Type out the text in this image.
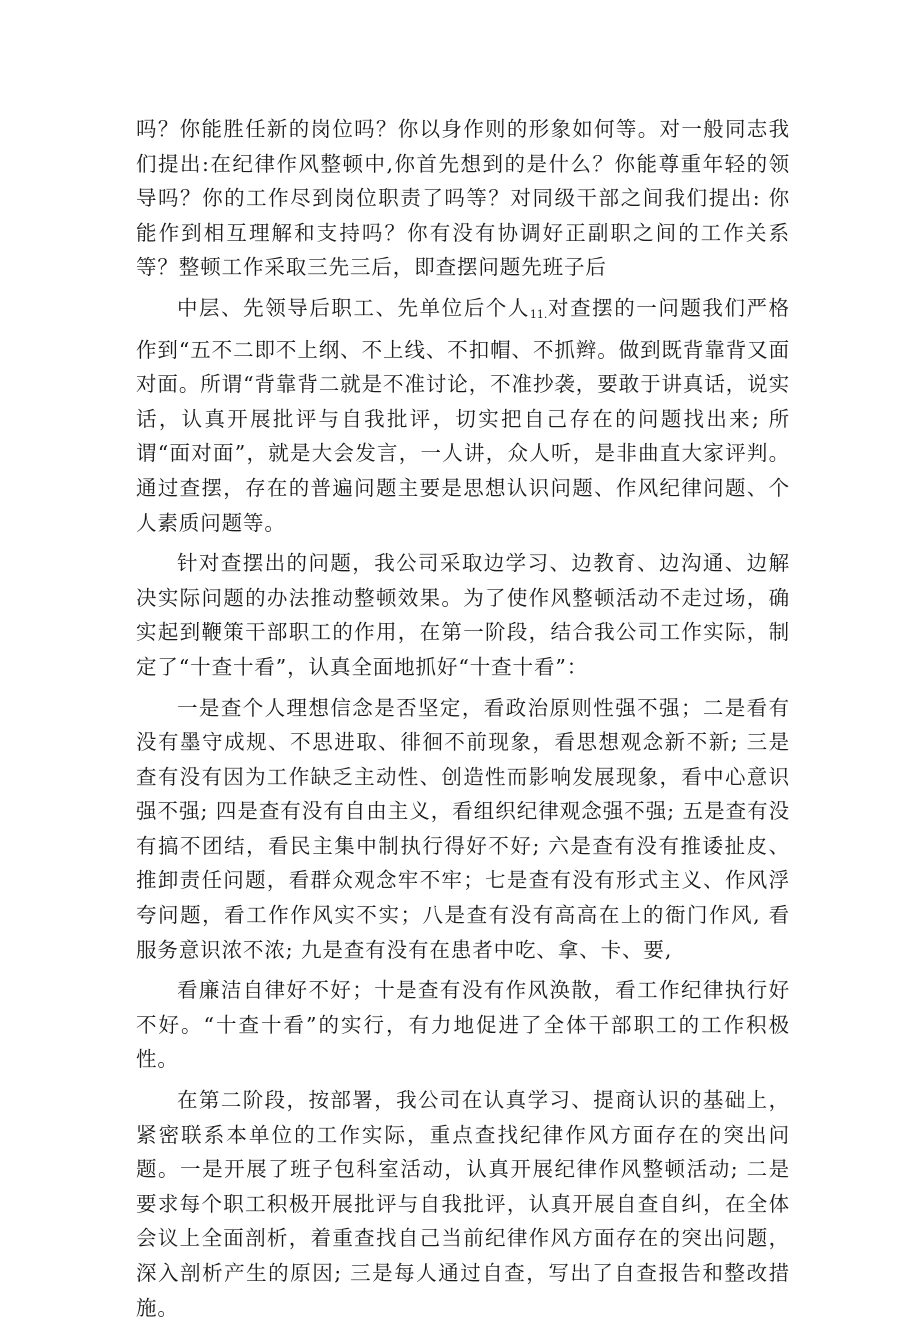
吗？你能胜任新的岗位吗？你以身作则的形象如何等。对一般同志我们提出:在纪律作风整顿中,你首先想到的是什么？你能尊重年轻的领导吗？你的工作尽到岗位职责了吗等？对同级干部之间我们提出: 你能作到相互理解和支持吗？你有没有协调好正副职之间的工作关系等？整顿工作采取三先三后，即查摆问题先班子后

中层、先领导后职工、先单位后个人$_{11.}$对查摆的一问题我们严格作到“五不二即不上纲、不上线、不扣帽、不抓辫。做到既背靠背又面对面。所谓“背靠背二就是不准讨论，不准抄袭，要敢于讲真话，说实话，认真开展批评与自我批评，切实把自己存在的问题找出来; 所谓“面对面”，就是大会发言，一人讲，众人听，是非曲直大家评判。通过查摆，存在的普遍问题主要是思想认识问题、作风纪律问题、个人素质问题等。

针对查摆出的问题，我公司采取边学习、边教育、边沟通、边解决实际问题的办法推动整顿效果。为了使作风整顿活动不走过场，确实起到鞭策干部职工的作用，在第一阶段，结合我公司工作实际，制定了“十查十看”，认真全面地抓好“十查十看”：

一是查个人理想信念是否坚定，看政治原则性强不强；二是看有没有墨守成规、不思进取、徘徊不前现象，看思想观念新不新; 三是查有没有因为工作缺乏主动性、创造性而影响发展现象，看中心意识强不强; 四是查有没有自由主义，看组织纪律观念强不强; 五是查有没有搞不团结，看民主集中制执行得好不好; 六是查有没有推诿扯皮、推卸责任问题，看群众观念牢不牢；七是查有没有形式主义、作风浮夸问题，看工作作风实不实；八是查有没有高高在上的衙门作风, 看服务意识浓不浓; 九是查有没有在患者中吃、拿、卡、要,

看廉洁自律好不好；十是查有没有作风涣散，看工作纪律执行好不好。“十查十看”的实行，有力地促进了全体干部职工的工作积极性。

在第二阶段，按部署，我公司在认真学习、提商认识的基础上，紧密联系本单位的工作实际，重点查找纪律作风方面存在的突出问题。一是开展了班子包科室活动，认真开展纪律作风整顿活动; 二是要求每个职工积极开展批评与自我批评，认真开展自查自纠，在全体会议上全面剖析，着重查找自己当前纪律作风方面存在的突出问题，深入剖析产生的原因; 三是每人通过自查，写出了自查报告和整改措施。
